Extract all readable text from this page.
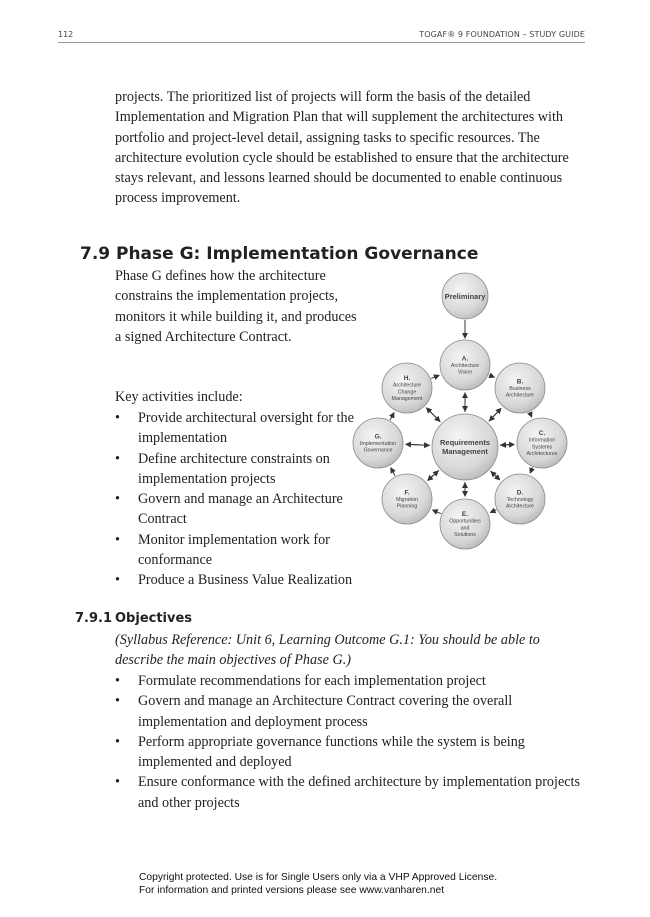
112	TOGAF® 9 FOUNDATION – STUDY GUIDE

projects. The prioritized list of projects will form the basis of the detailed Implementation and Migration Plan that will supplement the architectures with portfolio and project-level detail, assigning tasks to specific resources. The architecture evolution cycle should be established to ensure that the architecture stays relevant, and lessons learned should be documented to enable continuous process improvement.

7.9 Phase G: Implementation Governance

Phase G defines how the architecture constrains the implementation projects, monitors it while building it, and produces a signed Architecture Contract.

Key activities include:

• Provide architectural oversight for the implementation
• Define architecture constraints on implementation projects
• Govern and manage an Architecture Contract
• Monitor implementation work for conformance
• Produce a Business Value Realization
Preliminary
Requirements
Management
A.
Architecture
Vision
B.
Business
Architecture
C.
Information
Systems
Architectures
D.
Technology
Architecture
E.
Opportunities
and
Solutions
F.
Migration
Planning
G.
Implementation
Governance
H.
Architecture
Change
Management
7.9.1 Objectives

(Syllabus Reference: Unit 6, Learning Outcome G.1: You should be able to describe the main objectives of Phase G.)

• Formulate recommendations for each implementation project
• Govern and manage an Architecture Contract covering the overall implementation and deployment process
• Perform appropriate governance functions while the system is being implemented and deployed
• Ensure conformance with the defined architecture by implementation projects and other projects
Copyright protected. Use is for Single Users only via a VHP Approved License.
For information and printed versions please see www.vanharen.net
